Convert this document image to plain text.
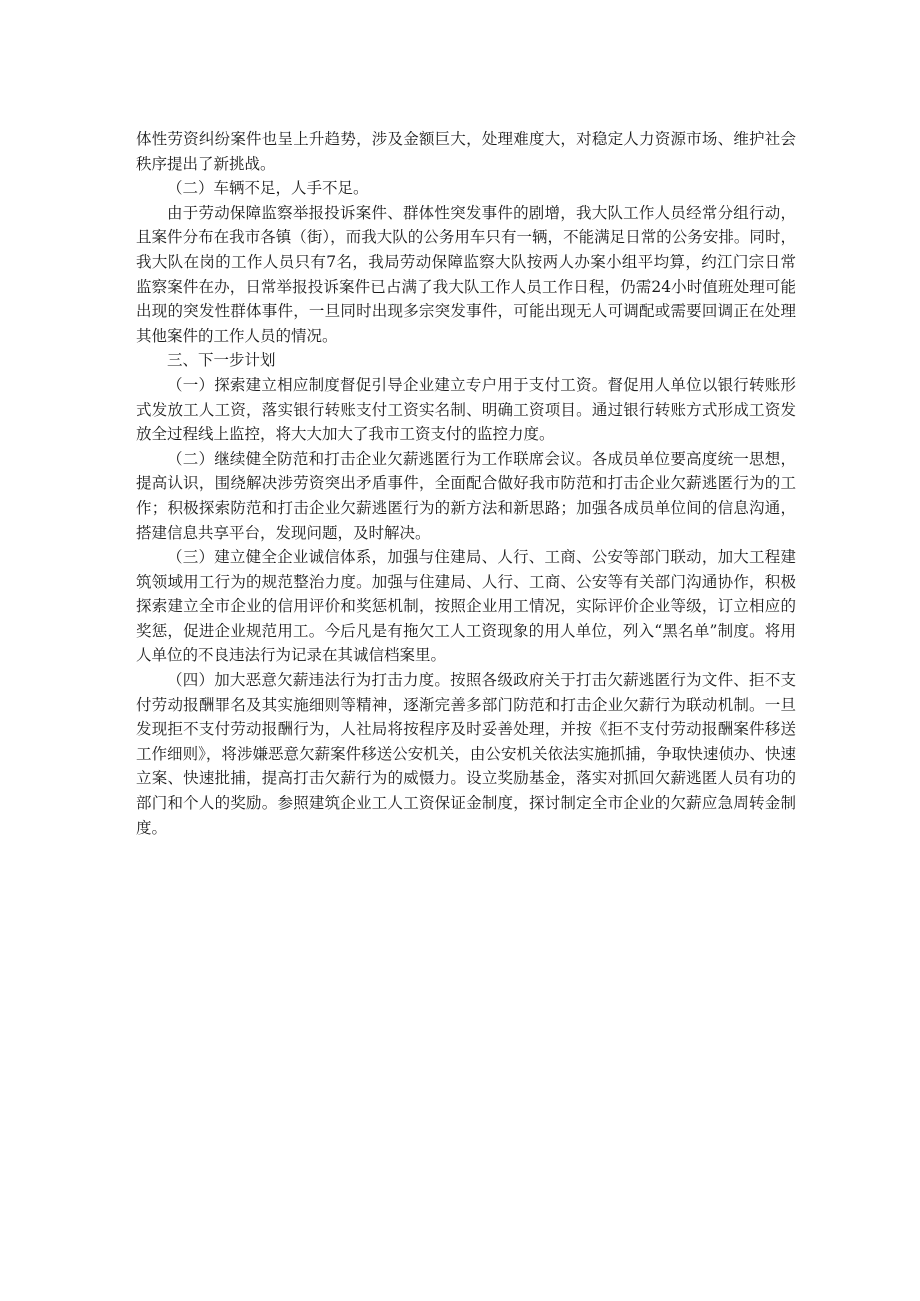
体性劳资纠纷案件也呈上升趋势，涉及金额巨大，处理难度大，对稳定人力资源市场、维护社会秩序提出了新挑战。

（二）车辆不足，人手不足。

由于劳动保障监察举报投诉案件、群体性突发事件的剧增，我大队工作人员经常分组行动，且案件分布在我市各镇（街），而我大队的公务用车只有一辆，不能满足日常的公务安排。同时，我大队在岗的工作人员只有7名，我局劳动保障监察大队按两人办案小组平均算，约江门宗日常监察案件在办，日常举报投诉案件已占满了我大队工作人员工作日程，仍需24小时值班处理可能出现的突发性群体事件，一旦同时出现多宗突发事件，可能出现无人可调配或需要回调正在处理其他案件的工作人员的情况。

三、下一步计划

（一）探索建立相应制度督促引导企业建立专户用于支付工资。督促用人单位以银行转账形式发放工人工资，落实银行转账支付工资实名制、明确工资项目。通过银行转账方式形成工资发放全过程线上监控，将大大加大了我市工资支付的监控力度。

（二）继续健全防范和打击企业欠薪逃匿行为工作联席会议。各成员单位要高度统一思想，提高认识，围绕解决涉劳资突出矛盾事件，全面配合做好我市防范和打击企业欠薪逃匿行为的工作；积极探索防范和打击企业欠薪逃匿行为的新方法和新思路；加强各成员单位间的信息沟通，搭建信息共享平台，发现问题，及时解决。

（三）建立健全企业诚信体系，加强与住建局、人行、工商、公安等部门联动，加大工程建筑领域用工行为的规范整治力度。加强与住建局、人行、工商、公安等有关部门沟通协作，积极探索建立全市企业的信用评价和奖惩机制，按照企业用工情况，实际评价企业等级，订立相应的奖惩，促进企业规范用工。今后凡是有拖欠工人工资现象的用人单位，列入“黑名单”制度。将用人单位的不良违法行为记录在其诚信档案里。

（四）加大恶意欠薪违法行为打击力度。按照各级政府关于打击欠薪逃匿行为文件、拒不支付劳动报酬罪名及其实施细则等精神，逐渐完善多部门防范和打击企业欠薪行为联动机制。一旦发现拒不支付劳动报酬行为，人社局将按程序及时妥善处理，并按《拒不支付劳动报酬案件移送工作细则》，将涉嫌恶意欠薪案件移送公安机关，由公安机关依法实施抓捕，争取快速侦办、快速立案、快速批捕，提高打击欠薪行为的威慑力。设立奖励基金，落实对抓回欠薪逃匿人员有功的部门和个人的奖励。参照建筑企业工人工资保证金制度，探讨制定全市企业的欠薪应急周转金制度。
